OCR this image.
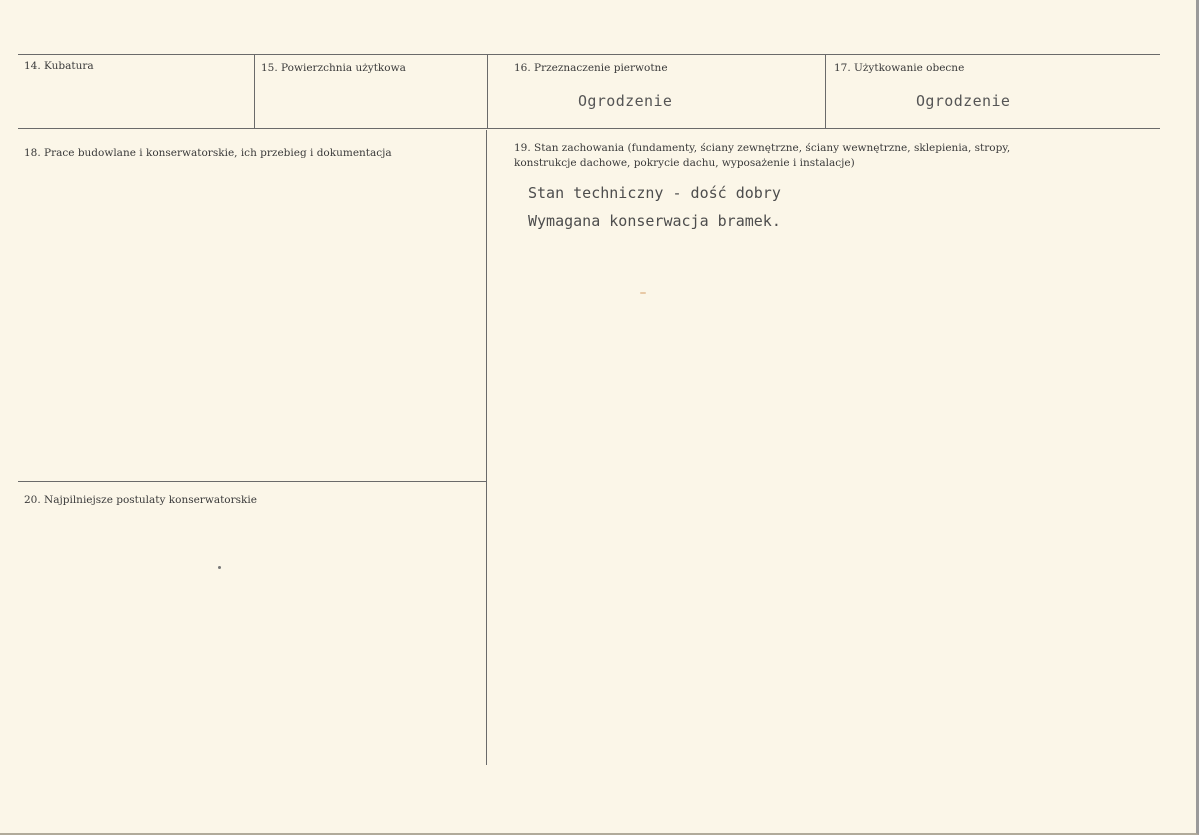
14. Kubatura	15. Powierzchnia użytkowa	16. Przeznaczenie pierwotne
Ogrodzenie
17. Użytkowanie obecne
Ogrodzenie
18. Prace budowlane i konserwatorskie, ich przebieg i dokumentacja	19. Stan zachowania (fundamenty, ściany zewnętrzne, ściany wewnętrzne, sklepienia, stropy,
konstrukcje dachowe, pokrycie dachu, wyposażenie i instalacje)
Stan techniczny - dość dobry
Wymagana konserwacja bramek.
20. Najpilniejsze postulaty konserwatorskie
